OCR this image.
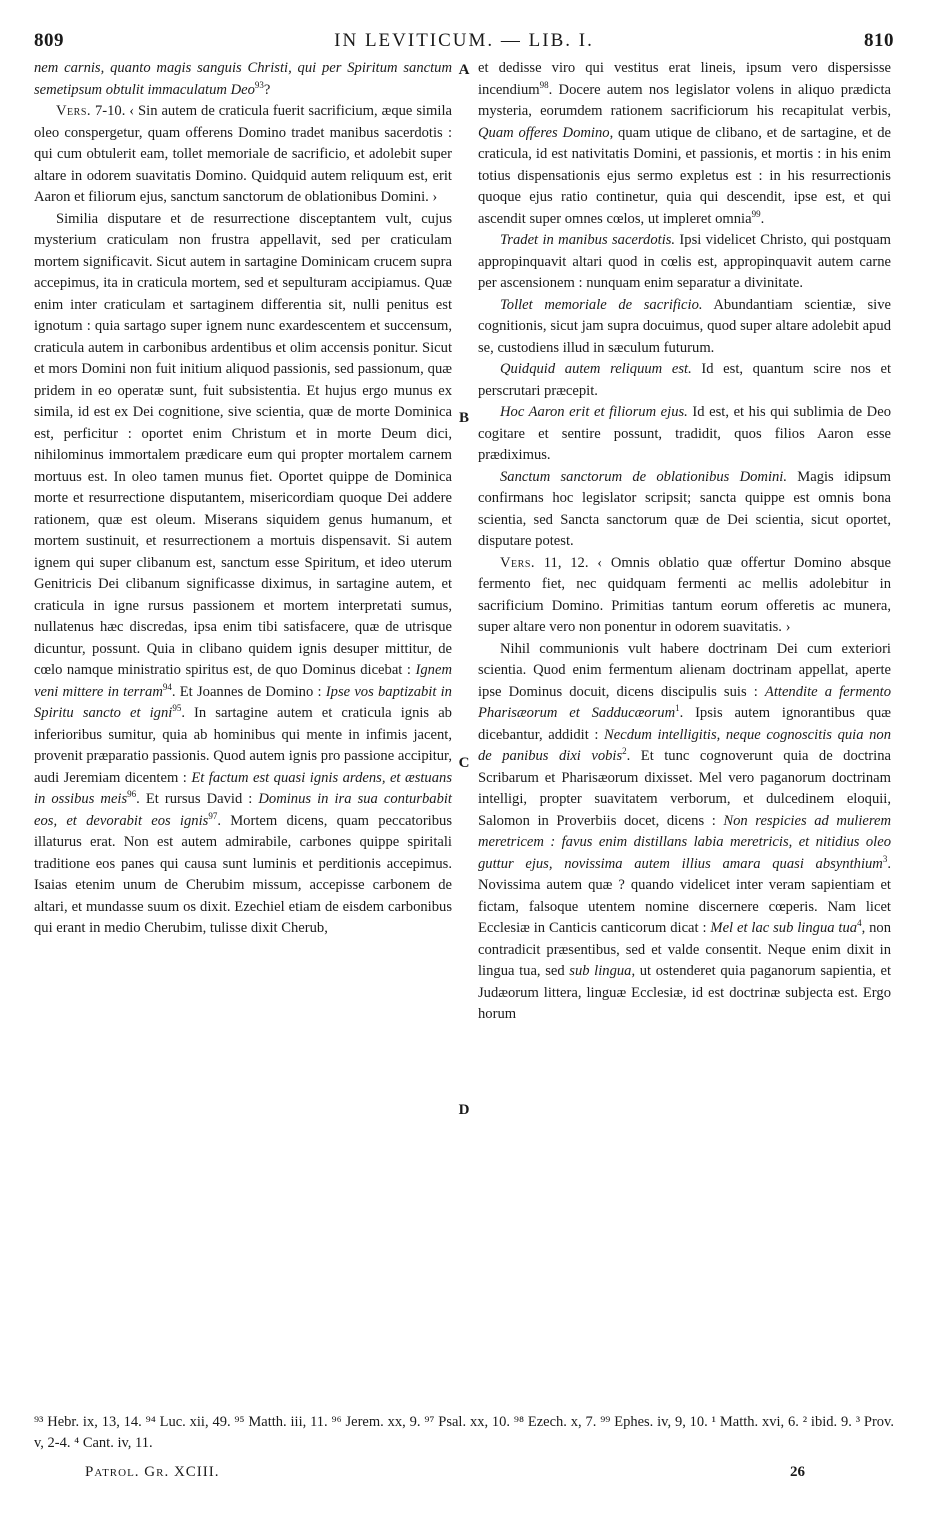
809	IN LEVITICUM. — LIB. I.	810

nem carnis, quanto magis sanguis Christi, qui per Spiritum sanctum semetipsum obtulit immaculatum Deo$^{93}$?

Vers. 7-10. ‹ Sin autem de craticula fuerit sacrificium, æque simila oleo conspergetur, quam offerens Domino tradet manibus sacerdotis : qui cum obtulerit eam, tollet memoriale de sacrificio, et adolebit super altare in odorem suavitatis Domino. Quidquid autem reliquum est, erit Aaron et filiorum ejus, sanctum sanctorum de oblationibus Domini. ›

Similia disputare et de resurrectione disceptantem vult, cujus mysterium craticulam non frustra appellavit, sed per craticulam mortem significavit. Sicut autem in sartagine Dominicam crucem supra accepimus, ita in craticula mortem, sed et sepulturam accipiamus. Quæ enim inter craticulam et sartaginem differentia sit, nulli penitus est ignotum : quia sartago super ignem nunc exardescentem et succensum, craticula autem in carbonibus ardentibus et olim accensis ponitur. Sicut et mors Domini non fuit initium aliquod passionis, sed passionum, quæ pridem in eo operatæ sunt, fuit subsistentia. Et hujus ergo munus ex simila, id est ex Dei cognitione, sive scientia, quæ de morte Dominica est, perficitur : oportet enim Christum et in morte Deum dici, nihilominus immortalem prædicare eum qui propter mortalem carnem mortuus est. In oleo tamen munus fiet. Oportet quippe de Dominica morte et resurrectione disputantem, misericordiam quoque Dei addere rationem, quæ est oleum. Miserans siquidem genus humanum, et mortem sustinuit, et resurrectionem a mortuis dispensavit. Si autem ignem qui super clibanum est, sanctum esse Spiritum, et ideo uterum Genitricis Dei clibanum significasse diximus, in sartagine autem, et craticula in igne rursus passionem et mortem interpretati sumus, nullatenus hæc discredas, ipsa enim tibi satisfacere, quæ de utrisque dicuntur, possunt. Quia in clibano quidem ignis desuper mittitur, de cœlo namque ministratio spiritus est, de quo Dominus dicebat : Ignem veni mittere in terram$^{94}$. Et Joannes de Domino : Ipse vos baptizabit in Spiritu sancto et igni$^{95}$. In sartagine autem et craticula ignis ab inferioribus sumitur, quia ab hominibus qui mente in infimis jacent, provenit præparatio passionis. Quod autem ignis pro passione accipitur, audi Jeremiam dicentem : Et factum est quasi ignis ardens, et æstuans in ossibus meis$^{96}$. Et rursus David : Dominus in ira sua conturbabit eos, et devorabit eos ignis$^{97}$. Mortem dicens, quam peccatoribus illaturus erat. Non est autem admirabile, carbones quippe spiritali traditione eos panes qui causa sunt luminis et perditionis accepimus. Isaias etenim unum de Cherubim missum, accepisse carbonem de altari, et mundasse suum os dixit. Ezechiel etiam de eisdem carbonibus qui erant in medio Cherubim, tulisse dixit Cherub,

A
B
C
D

et dedisse viro qui vestitus erat lineis, ipsum vero dispersisse incendium$^{98}$. Docere autem nos legislator volens in aliquo prædicta mysteria, eorumdem rationem sacrificiorum his recapitulat verbis, Quam offeres Domino, quam utique de clibano, et de sartagine, et de craticula, id est nativitatis Domini, et passionis, et mortis : in his enim totius dispensationis ejus sermo expletus est : in his resurrectionis quoque ejus ratio continetur, quia qui descendit, ipse est, et qui ascendit super omnes cœlos, ut impleret omnia$^{99}$.

Tradet in manibus sacerdotis. Ipsi videlicet Christo, qui postquam appropinquavit altari quod in cœlis est, appropinquavit autem carne per ascensionem : nunquam enim separatur a divinitate.

Tollet memoriale de sacrificio. Abundantiam scientiæ, sive cognitionis, sicut jam supra docuimus, quod super altare adolebit apud se, custodiens illud in sæculum futurum.

Quidquid autem reliquum est. Id est, quantum scire nos et perscrutari præcepit.

Hoc Aaron erit et filiorum ejus. Id est, et his qui sublimia de Deo cogitare et sentire possunt, tradidit, quos filios Aaron esse prædiximus.

Sanctum sanctorum de oblationibus Domini. Magis idipsum confirmans hoc legislator scripsit; sancta quippe est omnis bona scientia, sed Sancta sanctorum quæ de Dei scientia, sicut oportet, disputare potest.

Vers. 11, 12. ‹ Omnis oblatio quæ offertur Domino absque fermento fiet, nec quidquam fermenti ac mellis adolebitur in sacrificium Domino. Primitias tantum eorum offeretis ac munera, super altare vero non ponentur in odorem suavitatis. ›

Nihil communionis vult habere doctrinam Dei cum exteriori scientia. Quod enim fermentum alienam doctrinam appellat, aperte ipse Dominus docuit, dicens discipulis suis : Attendite a fermento Pharisæorum et Sadducæorum$^1$. Ipsis autem ignorantibus quæ dicebantur, addidit : Necdum intelligitis, neque cognoscitis quia non de panibus dixi vobis$^2$. Et tunc cognoverunt quia de doctrina Scribarum et Pharisæorum dixisset. Mel vero paganorum doctrinam intelligi, propter suavitatem verborum, et dulcedinem eloquii, Salomon in Proverbiis docet, dicens : Non respicies ad mulierem meretricem : favus enim distillans labia meretricis, et nitidius oleo guttur ejus, novissima autem illius amara quasi absynthium$^3$. Novissima autem quæ ? quando videlicet inter veram sapientiam et fictam, falsoque utentem nomine discernere cœperis. Nam licet Ecclesiæ in Canticis canticorum dicat : Mel et lac sub lingua tua$^4$, non contradicit præsentibus, sed et valde consentit. Neque enim dixit in lingua tua, sed sub lingua, ut ostenderet quia paganorum sapientia, et Judæorum littera, linguæ Ecclesiæ, id est doctrinæ subjecta est. Ergo horum

⁹³ Hebr. ix, 13, 14. ⁹⁴ Luc. xii, 49. ⁹⁵ Matth. iii, 11. ⁹⁶ Jerem. xx, 9. ⁹⁷ Psal. xx, 10. ⁹⁸ Ezech. x, 7. ⁹⁹ Ephes. iv, 9, 10. ¹ Matth. xvi, 6. ² ibid. 9. ³ Prov. v, 2-4. ⁴ Cant. iv, 11.
Patrol. Gr. XCIII.	26
